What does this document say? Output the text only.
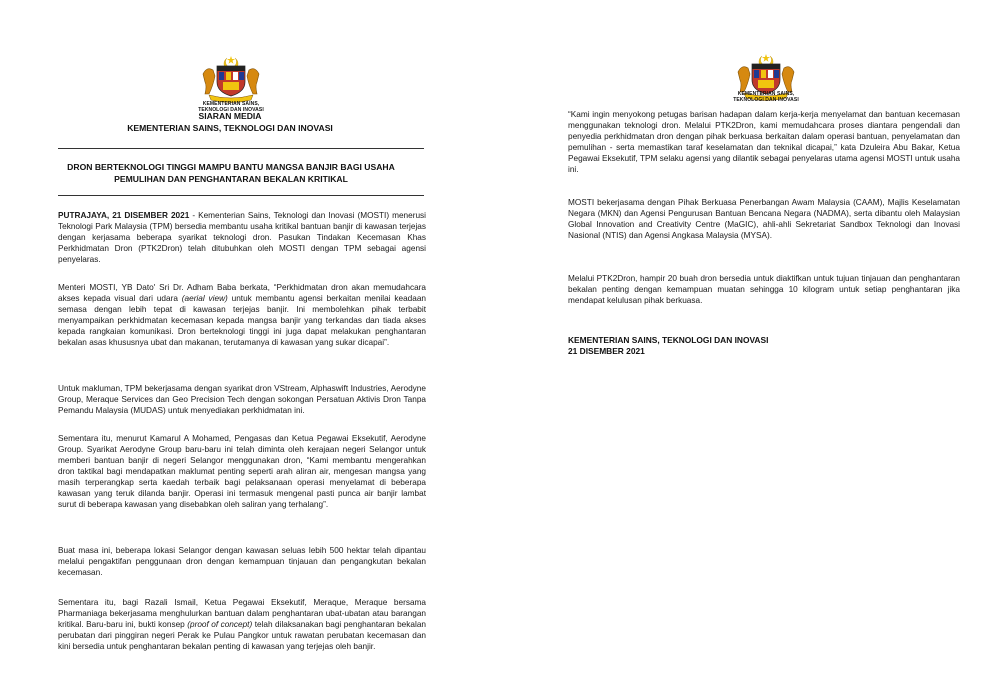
KEMENTERIAN SAINS,
TEKNOLOGI DAN INOVASI
SIARAN MEDIA
KEMENTERIAN SAINS, TEKNOLOGI DAN INOVASI
DRON BERTEKNOLOGI TINGGI MAMPU BANTU MANGSA BANJIR BAGI USAHA
PEMULIHAN DAN PENGHANTARAN BEKALAN KRITIKAL

PUTRAJAYA, 21 DISEMBER 2021 - Kementerian Sains, Teknologi dan Inovasi (MOSTI) menerusi Teknologi Park Malaysia (TPM) bersedia membantu usaha kritikal bantuan banjir di kawasan terjejas dengan kerjasama beberapa syarikat teknologi dron. Pasukan Tindakan Kecemasan Khas Perkhidmatan Dron (PTK2Dron) telah ditubuhkan oleh MOSTI dengan TPM sebagai agensi penyelaras.

Menteri MOSTI, YB Dato' Sri Dr. Adham Baba berkata, “Perkhidmatan dron akan memudahcara akses kepada visual dari udara (aerial view) untuk membantu agensi berkaitan menilai keadaan semasa dengan lebih tepat di kawasan terjejas banjir. Ini membolehkan pihak terbabit menyampaikan perkhidmatan kecemasan kepada mangsa banjir yang terkandas dan tiada akses kepada rangkaian komunikasi. Dron berteknologi tinggi ini juga dapat melakukan penghantaran bekalan asas khususnya ubat dan makanan, terutamanya di kawasan yang sukar dicapai”.

Untuk makluman, TPM bekerjasama dengan syarikat dron VStream, Alphaswift Industries, Aerodyne Group, Meraque Services dan Geo Precision Tech dengan sokongan Persatuan Aktivis Dron Tanpa Pemandu Malaysia (MUDAS) untuk menyediakan perkhidmatan ini.

Sementara itu, menurut Kamarul A Mohamed, Pengasas dan Ketua Pegawai Eksekutif, Aerodyne Group. Syarikat Aerodyne Group baru-baru ini telah diminta oleh kerajaan negeri Selangor untuk memberi bantuan banjir di negeri Selangor menggunakan dron, “Kami membantu mengerahkan dron taktikal bagi mendapatkan maklumat penting seperti arah aliran air, mengesan mangsa yang masih terperangkap serta kaedah terbaik bagi pelaksanaan operasi menyelamat di beberapa kawasan yang teruk dilanda banjir. Operasi ini termasuk mengenal pasti punca air banjir lambat surut di beberapa kawasan yang disebabkan oleh saliran yang terhalang”.

Buat masa ini, beberapa lokasi Selangor dengan kawasan seluas lebih 500 hektar telah dipantau melalui pengaktifan penggunaan dron dengan kemampuan tinjauan dan pengangkutan bekalan kecemasan.

Sementara itu, bagi Razali Ismail, Ketua Pegawai Eksekutif, Meraque, Meraque bersama Pharmaniaga bekerjasama menghulurkan bantuan dalam penghantaran ubat-ubatan atau barangan kritikal. Baru-baru ini, bukti konsep (proof of concept) telah dilaksanakan bagi penghantaran bekalan perubatan dari pinggiran negeri Perak ke Pulau Pangkor untuk rawatan perubatan kecemasan dan kini bersedia untuk penghantaran bekalan penting di kawasan yang terjejas oleh banjir.

KEMENTERIAN SAINS,
TEKNOLOGI DAN INOVASI

“Kami ingin menyokong petugas barisan hadapan dalam kerja-kerja menyelamat dan bantuan kecemasan menggunakan teknologi dron. Melalui PTK2Dron, kami memudahcara proses diantara pengendali dan penyedia perkhidmatan dron dengan pihak berkuasa berkaitan dalam operasi bantuan, penyelamatan dan pemulihan - serta memastikan taraf keselamatan dan teknikal dicapai,” kata Dzuleira Abu Bakar, Ketua Pegawai Eksekutif, TPM selaku agensi yang dilantik sebagai penyelaras utama agensi MOSTI untuk usaha ini.

MOSTI bekerjasama dengan Pihak Berkuasa Penerbangan Awam Malaysia (CAAM), Majlis Keselamatan Negara (MKN) dan Agensi Pengurusan Bantuan Bencana Negara (NADMA), serta dibantu oleh Malaysian Global Innovation and Creativity Centre (MaGIC), ahli-ahli Sekretariat Sandbox Teknologi dan Inovasi Nasional (NTIS) dan Agensi Angkasa Malaysia (MYSA).

Melalui PTK2Dron, hampir 20 buah dron bersedia untuk diaktifkan untuk tujuan tinjauan dan penghantaran bekalan penting dengan kemampuan muatan sehingga 10 kilogram untuk setiap penghantaran jika mendapat kelulusan pihak berkuasa.

KEMENTERIAN SAINS, TEKNOLOGI DAN INOVASI
21 DISEMBER 2021
